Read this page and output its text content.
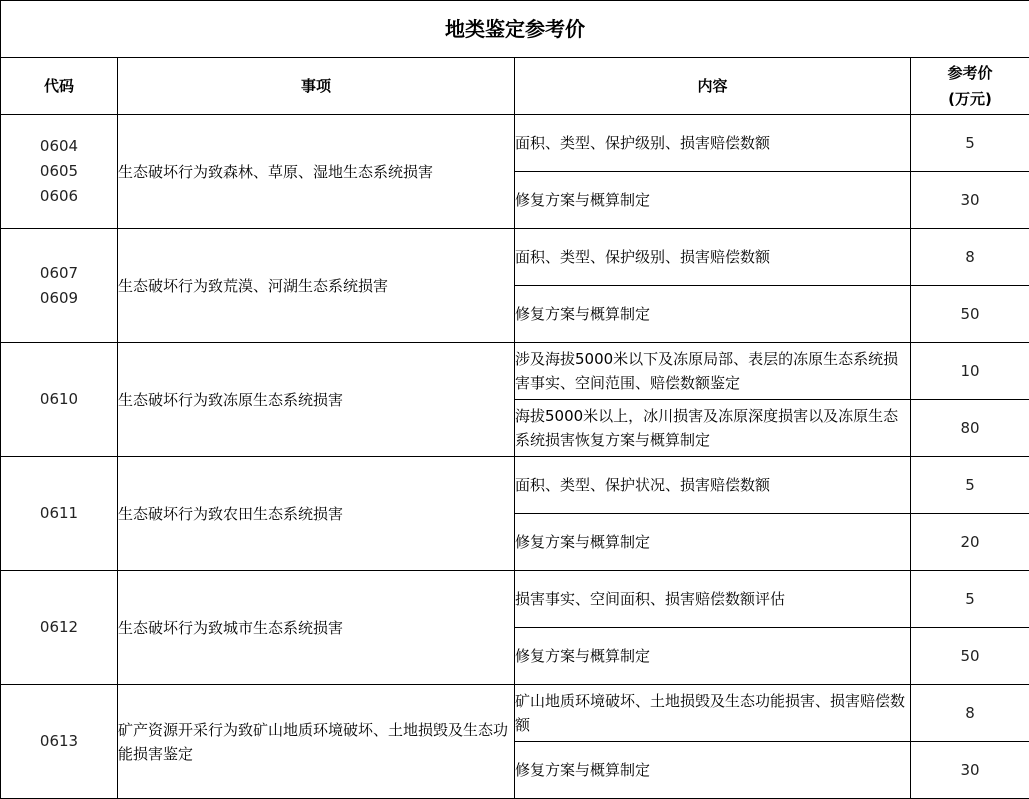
地类鉴定参考价			
代码	事项	内容	参考价
(万元)

0604
0605
0606	生态破坏行为致森林、草原、湿地生态系统损害	面积、类型、保护级别、损害赔偿数额	5
		修复方案与概算制定	30

0607
0609	生态破坏行为致荒漠、河湖生态系统损害	面积、类型、保护级别、损害赔偿数额	8
		修复方案与概算制定	50

0610	生态破坏行为致冻原生态系统损害	涉及海拔5000米以下及冻原局部、表层的冻原生态系统损害事实、空间范围、赔偿数额鉴定	10
		海拔5000米以上，冰川损害及冻原深度损害以及冻原生态系统损害恢复方案与概算制定	80

0611	生态破坏行为致农田生态系统损害	面积、类型、保护状况、损害赔偿数额	5
		修复方案与概算制定	20

0612	生态破坏行为致城市生态系统损害	损害事实、空间面积、损害赔偿数额评估	5
		修复方案与概算制定	50

0613	矿产资源开采行为致矿山地质环境破坏、土地损毁及生态功能损害鉴定	矿山地质环境破坏、土地损毁及生态功能损害、损害赔偿数额	8
		修复方案与概算制定	30
